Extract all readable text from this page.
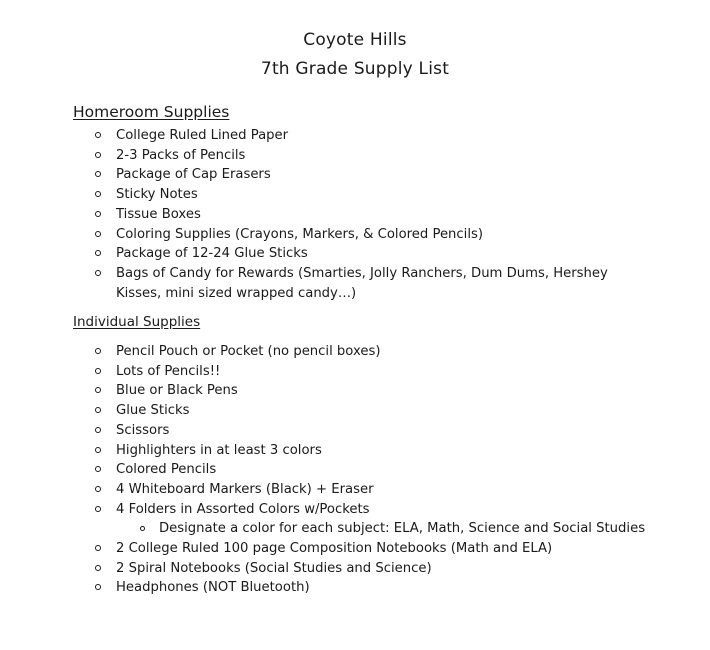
Coyote Hills
7th Grade Supply List
Homeroom Supplies
College Ruled Lined Paper
2-3 Packs of Pencils
Package of Cap Erasers
Sticky Notes
Tissue Boxes
Coloring Supplies (Crayons, Markers, & Colored Pencils)
Package of 12-24 Glue Sticks
Bags of Candy for Rewards (Smarties, Jolly Ranchers, Dum Dums, Hershey Kisses, mini sized wrapped candy…)
Individual Supplies
Pencil Pouch or Pocket (no pencil boxes)
Lots of Pencils!!
Blue or Black Pens
Glue Sticks
Scissors
Highlighters in at least 3 colors
Colored Pencils
4 Whiteboard Markers (Black) + Eraser
4 Folders in Assorted Colors w/Pockets
Designate a color for each subject: ELA, Math, Science and Social Studies
2 College Ruled 100 page Composition Notebooks (Math and ELA)
2 Spiral Notebooks (Social Studies and Science)
Headphones (NOT Bluetooth)
